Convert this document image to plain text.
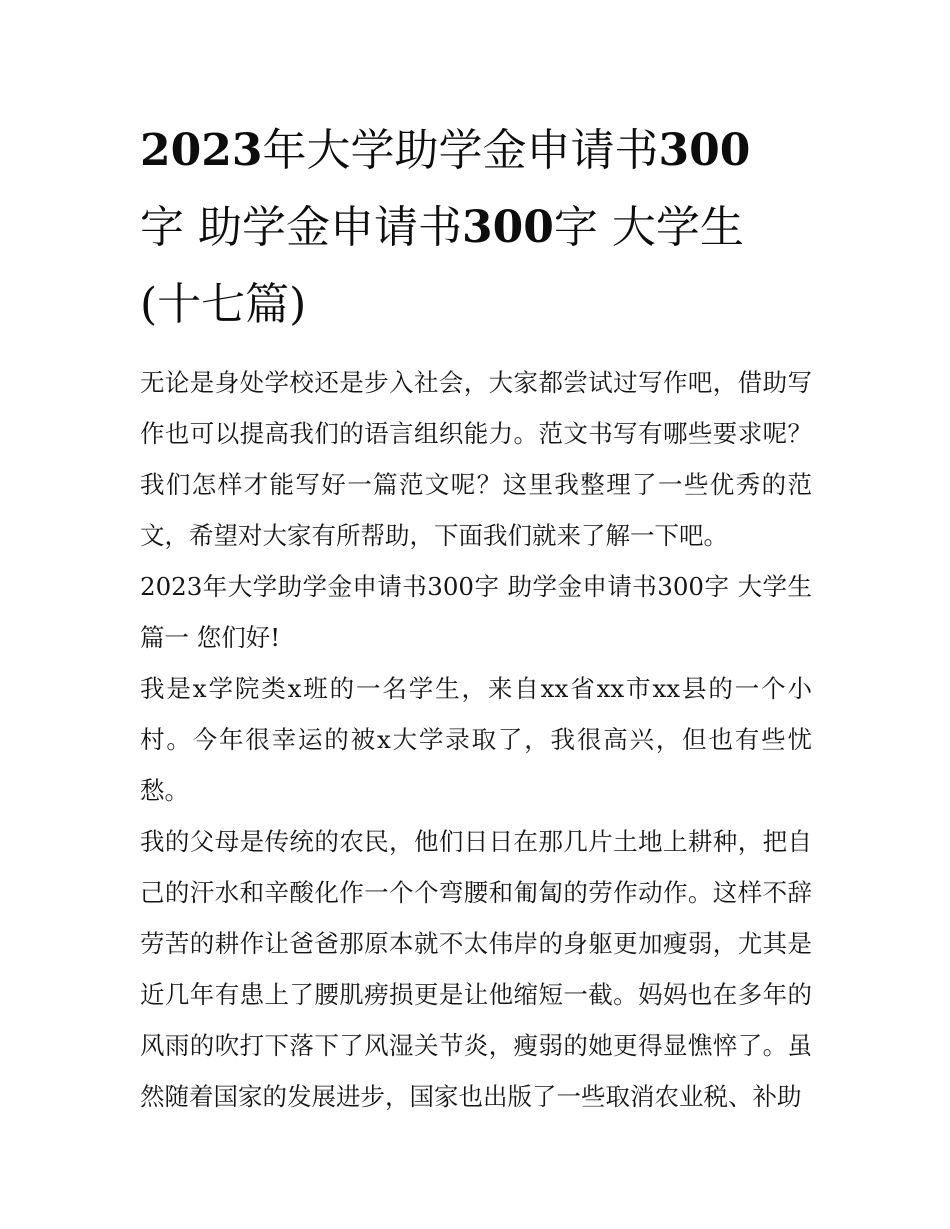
2023年大学助学金申请书300
字 助学金申请书300字 大学生
(十七篇)

无论是身处学校还是步入社会，大家都尝试过写作吧，借助写作也可以提高我们的语言组织能力。范文书写有哪些要求呢？我们怎样才能写好一篇范文呢？这里我整理了一些优秀的范文，希望对大家有所帮助，下面我们就来了解一下吧。

2023年大学助学金申请书300字 助学金申请书300字 大学生篇一 您们好!

我是x学院类x班的一名学生，来自xx省xx市xx县的一个小村。今年很幸运的被x大学录取了，我很高兴，但也有些忧愁。

我的父母是传统的农民，他们日日在那几片土地上耕种，把自己的汗水和辛酸化作一个个弯腰和匍匐的劳作动作。这样不辞劳苦的耕作让爸爸那原本就不太伟岸的身躯更加瘦弱，尤其是近几年有患上了腰肌痨损更是让他缩短一截。妈妈也在多年的风雨的吹打下落下了风湿关节炎，瘦弱的她更得显憔悴了。虽然随着国家的发展进步，国家也出版了一些取消农业税、补助
